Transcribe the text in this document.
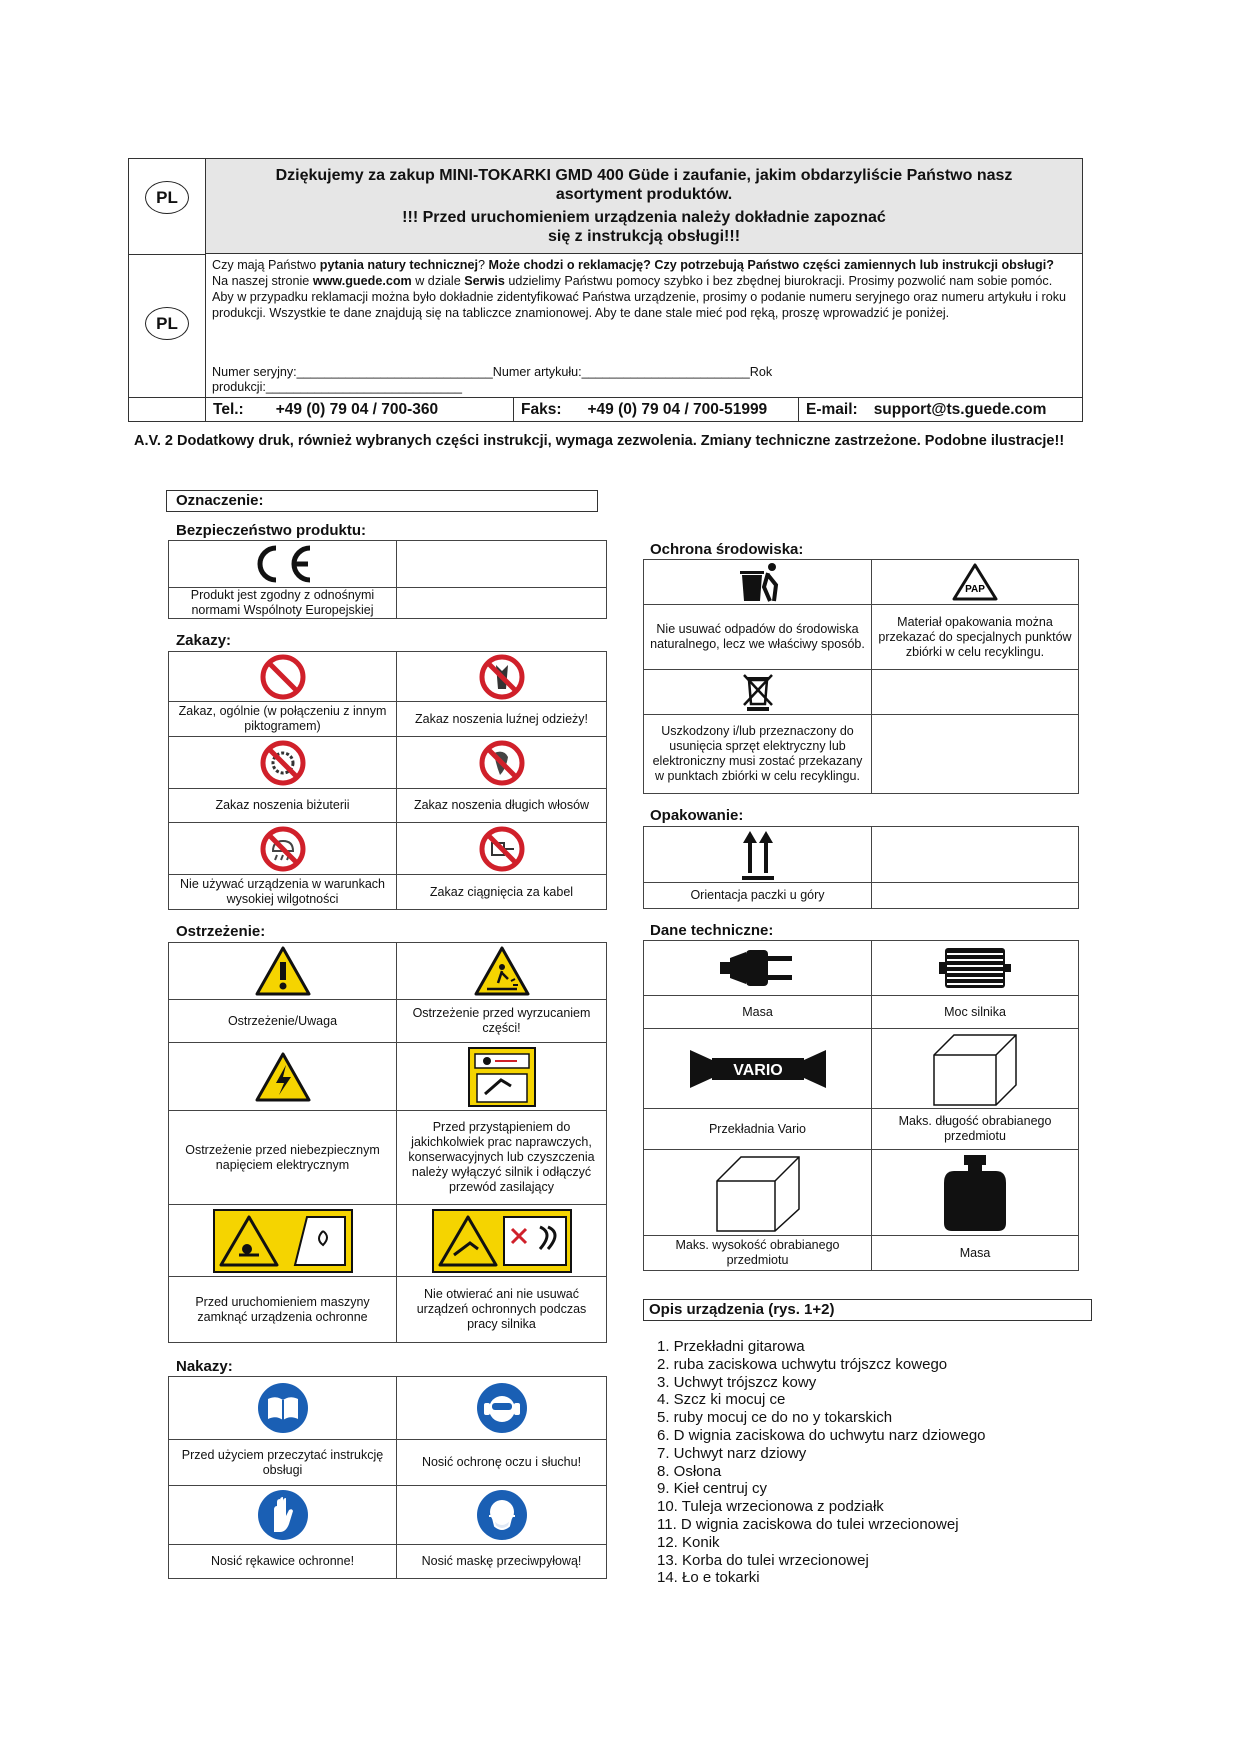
PL
PL
Dziękujemy za zakup MINI-TOKARKI GMD 400 Güde i zaufanie, jakim obdarzyliście Państwo nasz
asortyment produktów.
!!! Przed uruchomieniem urządzenia należy dokładnie zapoznać
się z instrukcją obsługi!!!

Czy mają Państwo pytania natury technicznej? Może chodzi o reklamację? Czy potrzebują Państwo części zamiennych lub instrukcji obsługi?

Na naszej stronie www.guede.com w dziale Serwis udzielimy Państwu pomocy szybko i bez zbędnej biurokracji. Prosimy pozwolić nam sobie pomóc. Aby w przypadku reklamacji można było dokładnie zidentyfikować Państwa urządzenie, prosimy o podanie numeru seryjnego oraz numeru artykułu i roku produkcji. Wszystkie te dane znajdują się na tabliczce znamionowej. Aby te dane stale mieć pod ręką, proszę wprowadzić je poniżej.

Numer seryjny:____________________________Numer artykułu:________________________Rok
produkcji:____________________________
Tel.: +49 (0) 79 04 / 700-360	Faks: +49 (0) 79 04 / 700-51999	E-mail: support@ts.guede.com
A.V. 2 Dodatkowy druk, również wybranych części instrukcji, wymaga zezwolenia. Zmiany techniczne zastrzeżone. Podobne ilustracje!!
Oznaczenie:
Bezpieczeństwo produktu:

Produkt jest zgodny z odnośnymi normami Wspólnoty Europejskiej	
Zakazy:

Zakaz, ogólnie (w połączeniu z innym piktogramem)	Zakaz noszenia luźnej odzieży!

Zakaz noszenia biżuterii	Zakaz noszenia długich włosów

Nie używać urządzenia w warunkach wysokiej wilgotności	Zakaz ciągnięcia za kabel
Ostrzeżenie:

Ostrzeżenie/Uwaga	Ostrzeżenie przed wyrzucaniem części!

Ostrzeżenie przed niebezpiecznym napięciem elektrycznym	Przed przystąpieniem do jakichkolwiek prac naprawczych, konserwacyjnych lub czyszczenia należy wyłączyć silnik i odłączyć przewód zasilający

Przed uruchomieniem maszyny zamknąć urządzenia ochronne	Nie otwierać ani nie usuwać urządzeń ochronnych podczas pracy silnika
Nakazy:

Przed użyciem przeczytać instrukcję obsługi	Nosić ochronę oczu i słuchu!

Nosić rękawice ochronne!	Nosić maskę przeciwpyłową!
Ochrona środowiska:

PAP

Nie usuwać odpadów do środowiska naturalnego, lecz we właściwy sposób.	Materiał opakowania można przekazać do specjalnych punktów zbiórki w celu recyklingu.

Uszkodzony i/lub przeznaczony do usunięcia sprzęt elektryczny lub elektroniczny musi zostać przekazany w punktach zbiórki w celu recyklingu.	
Opakowanie:

Orientacja paczki u góry	
Dane techniczne:

Masa	Moc silnika

VARIO

Przekładnia Vario	Maks. długość obrabianego przedmiotu

Maks. wysokość obrabianego przedmiotu	Masa
Opis urządzenia (rys. 1+2)
1. Przekładni gitarowa
2. ruba zaciskowa uchwytu trójszcz kowego
3. Uchwyt trójszcz kowy
4. Szcz ki mocuj ce
5. ruby mocuj ce do no y tokarskich
6. D wignia zaciskowa do uchwytu narz dziowego
7. Uchwyt narz dziowy
8. Osłona
9. Kieł centruj cy
10. Tuleja wrzecionowa z podziałk
11. D wignia zaciskowa do tulei wrzecionowej
12. Konik
13. Korba do tulei wrzecionowej
14. Ło e tokarki
